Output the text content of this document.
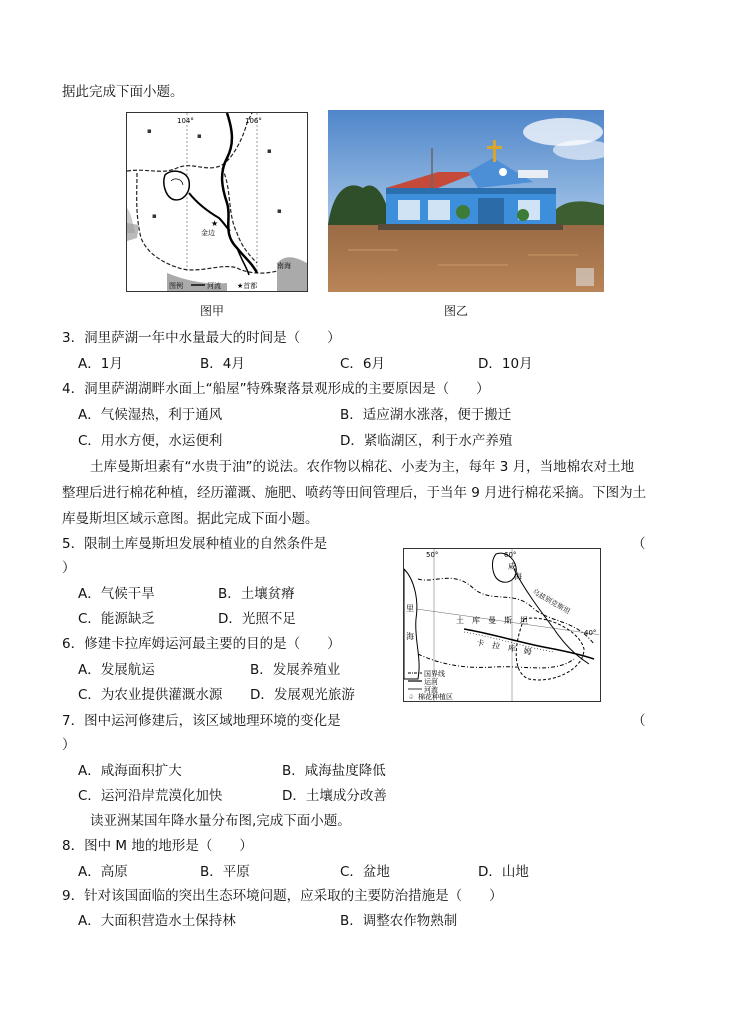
据此完成下面小题。
★
104°	106°
金边
南海
▪
▪
▪
▪
▪
图例	河流 ★首都
图甲	图乙
3．洞里萨湖一年中水量最大的时间是（　　）
A．1月	B．4月	C．6月	D．10月
4．洞里萨湖湖畔水面上“船屋”特殊聚落景观形成的主要原因是（　　）
A．气候湿热，利于通风	B．适应湖水涨落，便于搬迁
C．用水方便，水运便利	D．紧临湖区，利于水产养殖
土库曼斯坦素有“水贵于油”的说法。农作物以棉花、小麦为主，每年 3 月，当地棉农对土地
整理后进行棉花种植，经历灌溉、施肥、喷药等田间管理后，于当年 9 月进行棉花采摘。下图为土
库曼斯坦区域示意图。据此完成下面小题。
50°	60°
40°
咸
海
里
海
土　库　曼　斯　坦
乌兹别克斯坦
卡　拉　库　姆
国界线
运河
河流
♤ 棉花种植区
5．限制土库曼斯坦发展种植业的自然条件是	（
）
A．气候干旱	B．土壤贫瘠
C．能源缺乏	D．光照不足
6．修建卡拉库姆运河最主要的目的是（　　）
A．发展航运	B．发展养殖业
C．为农业提供灌溉水源 D．发展观光旅游
7．图中运河修建后，该区域地理环境的变化是	（
）
A．咸海面积扩大	B．咸海盐度降低
C．运河沿岸荒漠化加快	D．土壤成分改善
读亚洲某国年降水量分布图,完成下面小题。
8．图中 M 地的地形是（　　）
A．高原	B．平原	C．盆地	D．山地
9．针对该国面临的突出生态环境问题，应采取的主要防治措施是（　　）
A．大面积营造水土保持林	B．调整农作物熟制
